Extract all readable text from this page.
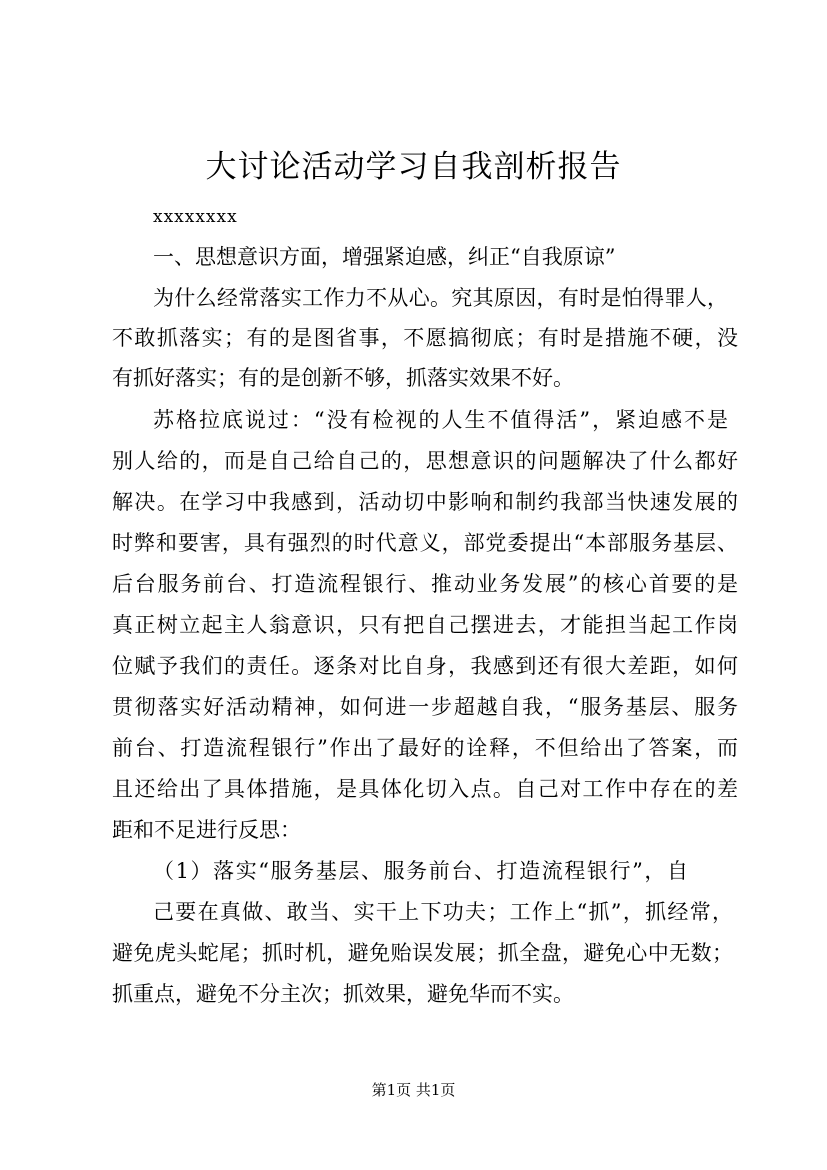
大讨论活动学习自我剖析报告
xxxxxxxx
一、思想意识方面，增强紧迫感，纠正“自我原谅”
为什么经常落实工作力不从心。究其原因，有时是怕得罪人，
不敢抓落实；有的是图省事，不愿搞彻底；有时是措施不硬，没
有抓好落实；有的是创新不够，抓落实效果不好。
苏格拉底说过：“没有检视的人生不值得活”，紧迫感不是
别人给的，而是自己给自己的，思想意识的问题解决了什么都好
解决。在学习中我感到，活动切中影响和制约我部当快速发展的
时弊和要害，具有强烈的时代意义，部党委提出“本部服务基层、
后台服务前台、打造流程银行、推动业务发展”的核心首要的是
真正树立起主人翁意识，只有把自己摆进去，才能担当起工作岗
位赋予我们的责任。逐条对比自身，我感到还有很大差距，如何
贯彻落实好活动精神，如何进一步超越自我，“服务基层、服务
前台、打造流程银行”作出了最好的诠释，不但给出了答案，而
且还给出了具体措施，是具体化切入点。自己对工作中存在的差
距和不足进行反思：
（1）落实“服务基层、服务前台、打造流程银行”，自
己要在真做、敢当、实干上下功夫；工作上“抓”，抓经常，
避免虎头蛇尾；抓时机，避免贻误发展；抓全盘，避免心中无数；
抓重点，避免不分主次；抓效果，避免华而不实。
第1页 共1页
